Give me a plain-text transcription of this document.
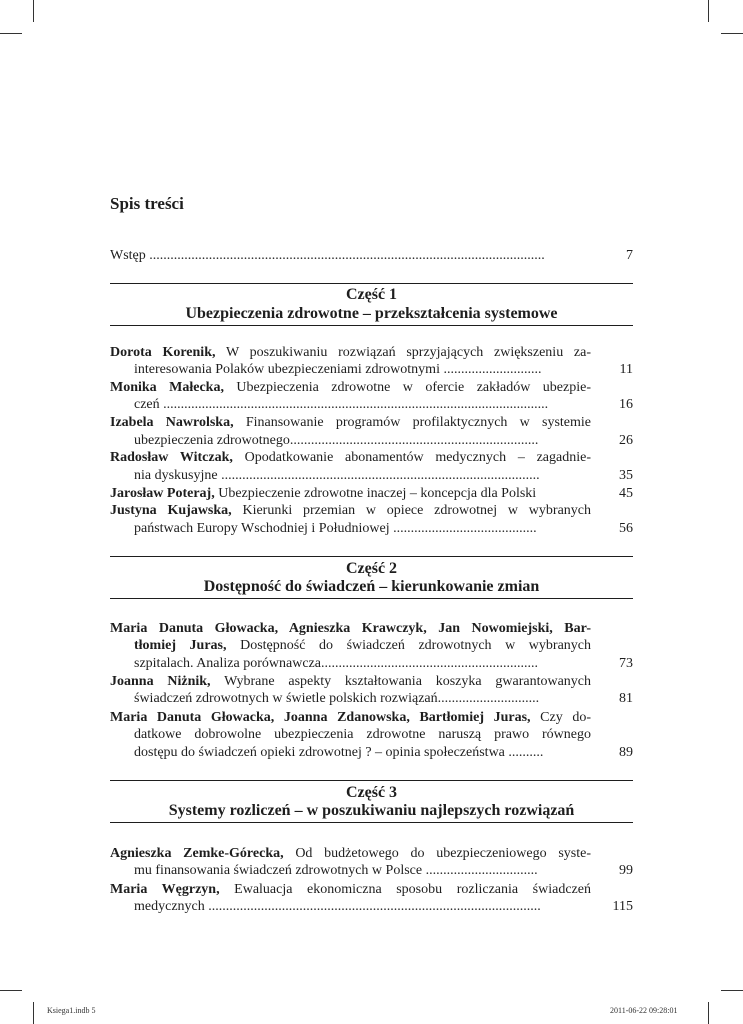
Spis treści
Wstęp .................................................................................................................	7
Część 1
Ubezpieczenia zdrowotne – przekształcenia systemowe
Dorota Korenik, W poszukiwaniu rozwiązań sprzyjających zwiększeniu za-
interesowania Polaków ubezpieczeniami zdrowotnymi ............................	11
Monika Małecka, Ubezpieczenia zdrowotne w ofercie zakładów ubezpie-
czeń ..............................................................................................................	16
Izabela Nawrolska, Finansowanie programów profilaktycznych w systemie
ubezpieczenia zdrowotnego.......................................................................	26
Radosław Witczak, Opodatkowanie abonamentów medycznych – zagadnie-
nia dyskusyjne ...........................................................................................	35
Jarosław Poteraj, Ubezpieczenie zdrowotne inaczej – koncepcja dla Polski	45
Justyna Kujawska, Kierunki przemian w opiece zdrowotnej w wybranych
państwach Europy Wschodniej i Południowej .........................................	56
Część 2
Dostępność do świadczeń – kierunkowanie zmian
Maria Danuta Głowacka, Agnieszka Krawczyk, Jan Nowomiejski, Bar-
tłomiej Juras, Dostępność do świadczeń zdrowotnych w wybranych
szpitalach. Analiza porównawcza..............................................................	73
Joanna Niżnik, Wybrane aspekty kształtowania koszyka gwarantowanych
świadczeń zdrowotnych w świetle polskich rozwiązań.............................	81
Maria Danuta Głowacka, Joanna Zdanowska, Bartłomiej Juras, Czy do-
datkowe dobrowolne ubezpieczenia zdrowotne naruszą prawo równego
dostępu do świadczeń opieki zdrowotnej ? – opinia społeczeństwa ..........	89
Część 3
Systemy rozliczeń – w poszukiwaniu najlepszych rozwiązań
Agnieszka Zemke-Górecka, Od budżetowego do ubezpieczeniowego syste-
mu finansowania świadczeń zdrowotnych w Polsce ................................	99
Maria Węgrzyn, Ewaluacja ekonomiczna sposobu rozliczania świadczeń
medycznych ...............................................................................................	115
Ksiega1.indb 5	2011-06-22 09:28:01
